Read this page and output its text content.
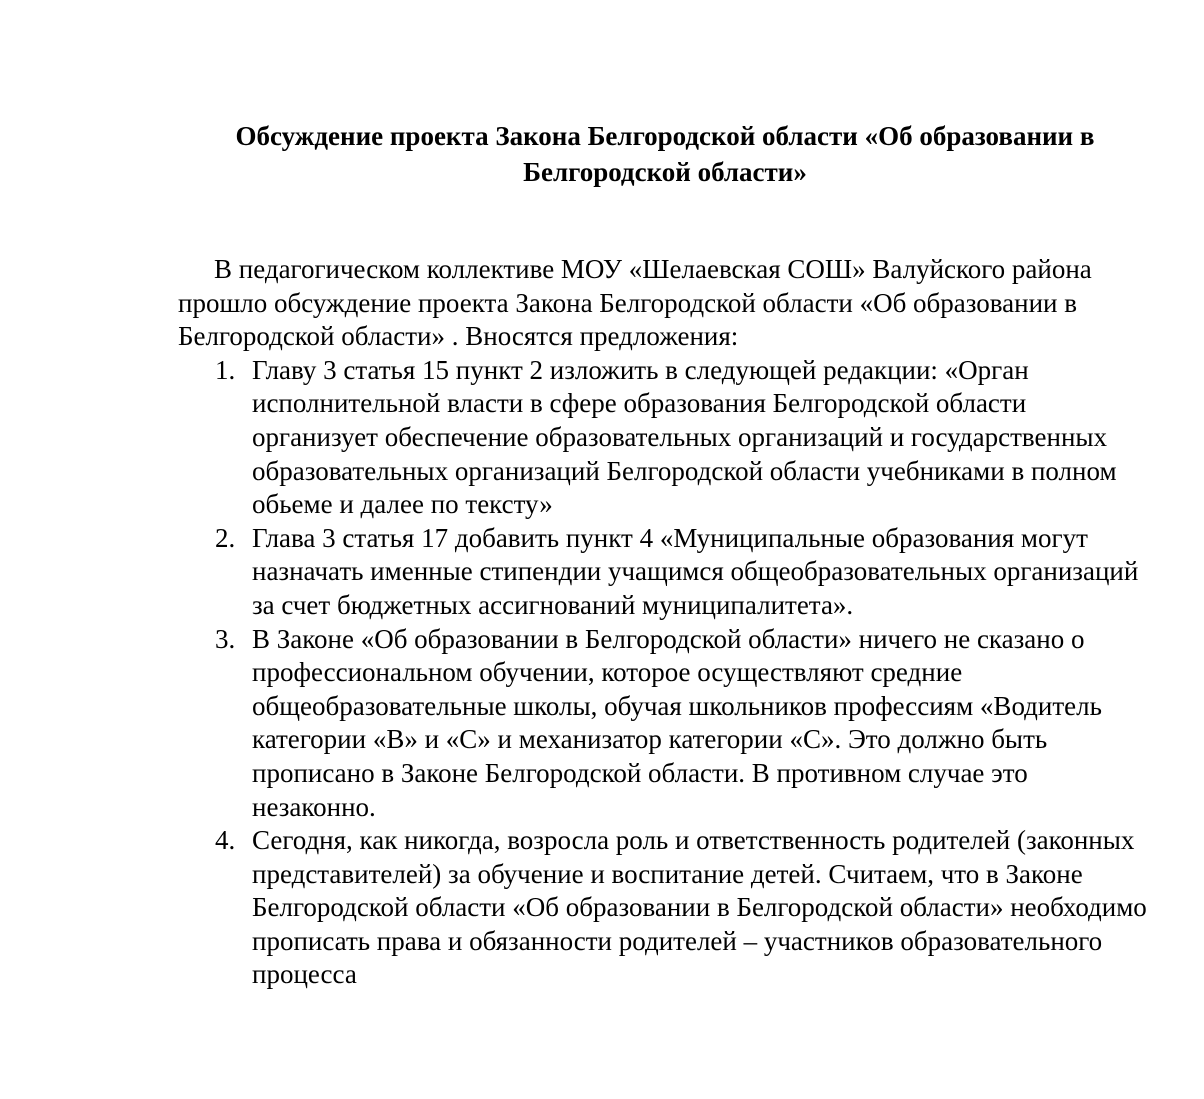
Обсуждение проекта Закона Белгородской области «Об образовании в Белгородской области»

В педагогическом коллективе МОУ «Шелаевская СОШ» Валуйского района прошло обсуждение проекта Закона Белгородской области «Об образовании в Белгородской области» . Вносятся предложения:

1. Главу 3 статья 15 пункт 2 изложить в следующей редакции: «Орган исполнительной власти в сфере образования Белгородской области организует обеспечение образовательных организаций и государственных образовательных организаций Белгородской области учебниками в полном обьеме и далее по тексту»
2. Глава 3 статья 17 добавить пункт 4 «Муниципальные образования могут назначать именные стипендии учащимся общеобразовательных организаций за счет бюджетных ассигнований муниципалитета».
3. В Законе «Об образовании в Белгородской области» ничего не сказано о профессиональном обучении, которое осуществляют средние общеобразовательные школы, обучая школьников профессиям «Водитель категории «В» и «С» и механизатор категории «С». Это должно быть прописано в Законе Белгородской области. В противном случае это незаконно.
4. Сегодня, как никогда, возросла роль и ответственность родителей (законных представителей) за обучение и воспитание детей. Считаем, что в Законе Белгородской области «Об образовании в Белгородской области» необходимо прописать права и обязанности родителей – участников образовательного процесса
